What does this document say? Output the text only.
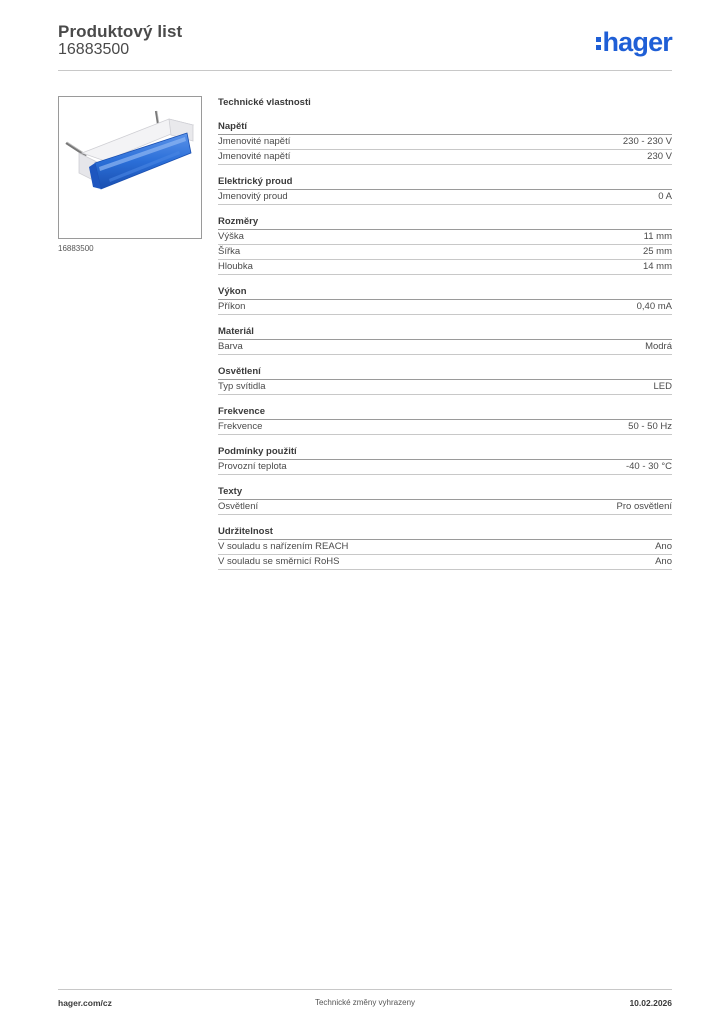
Produktový list
16883500	hager
16883500
Technické vlastnosti
Napětí
Jmenovité napětí	230 - 230 V
Jmenovité napětí	230 V
Elektrický proud
Jmenovitý proud	0 A
Rozměry
Výška	11 mm
Šířka	25 mm
Hloubka	14 mm
Výkon
Příkon	0,40 mA
Materiál
Barva	Modrá
Osvětlení
Typ svítidla	LED
Frekvence
Frekvence	50 - 50 Hz
Podmínky použití
Provozní teplota	-40 - 30 °C
Texty
Osvětlení	Pro osvětlení
Udržitelnost
V souladu s nařízením REACH	Ano
V souladu se směrnicí RoHS	Ano
hager.com/cz	Technické změny vyhrazeny	10.02.2026
